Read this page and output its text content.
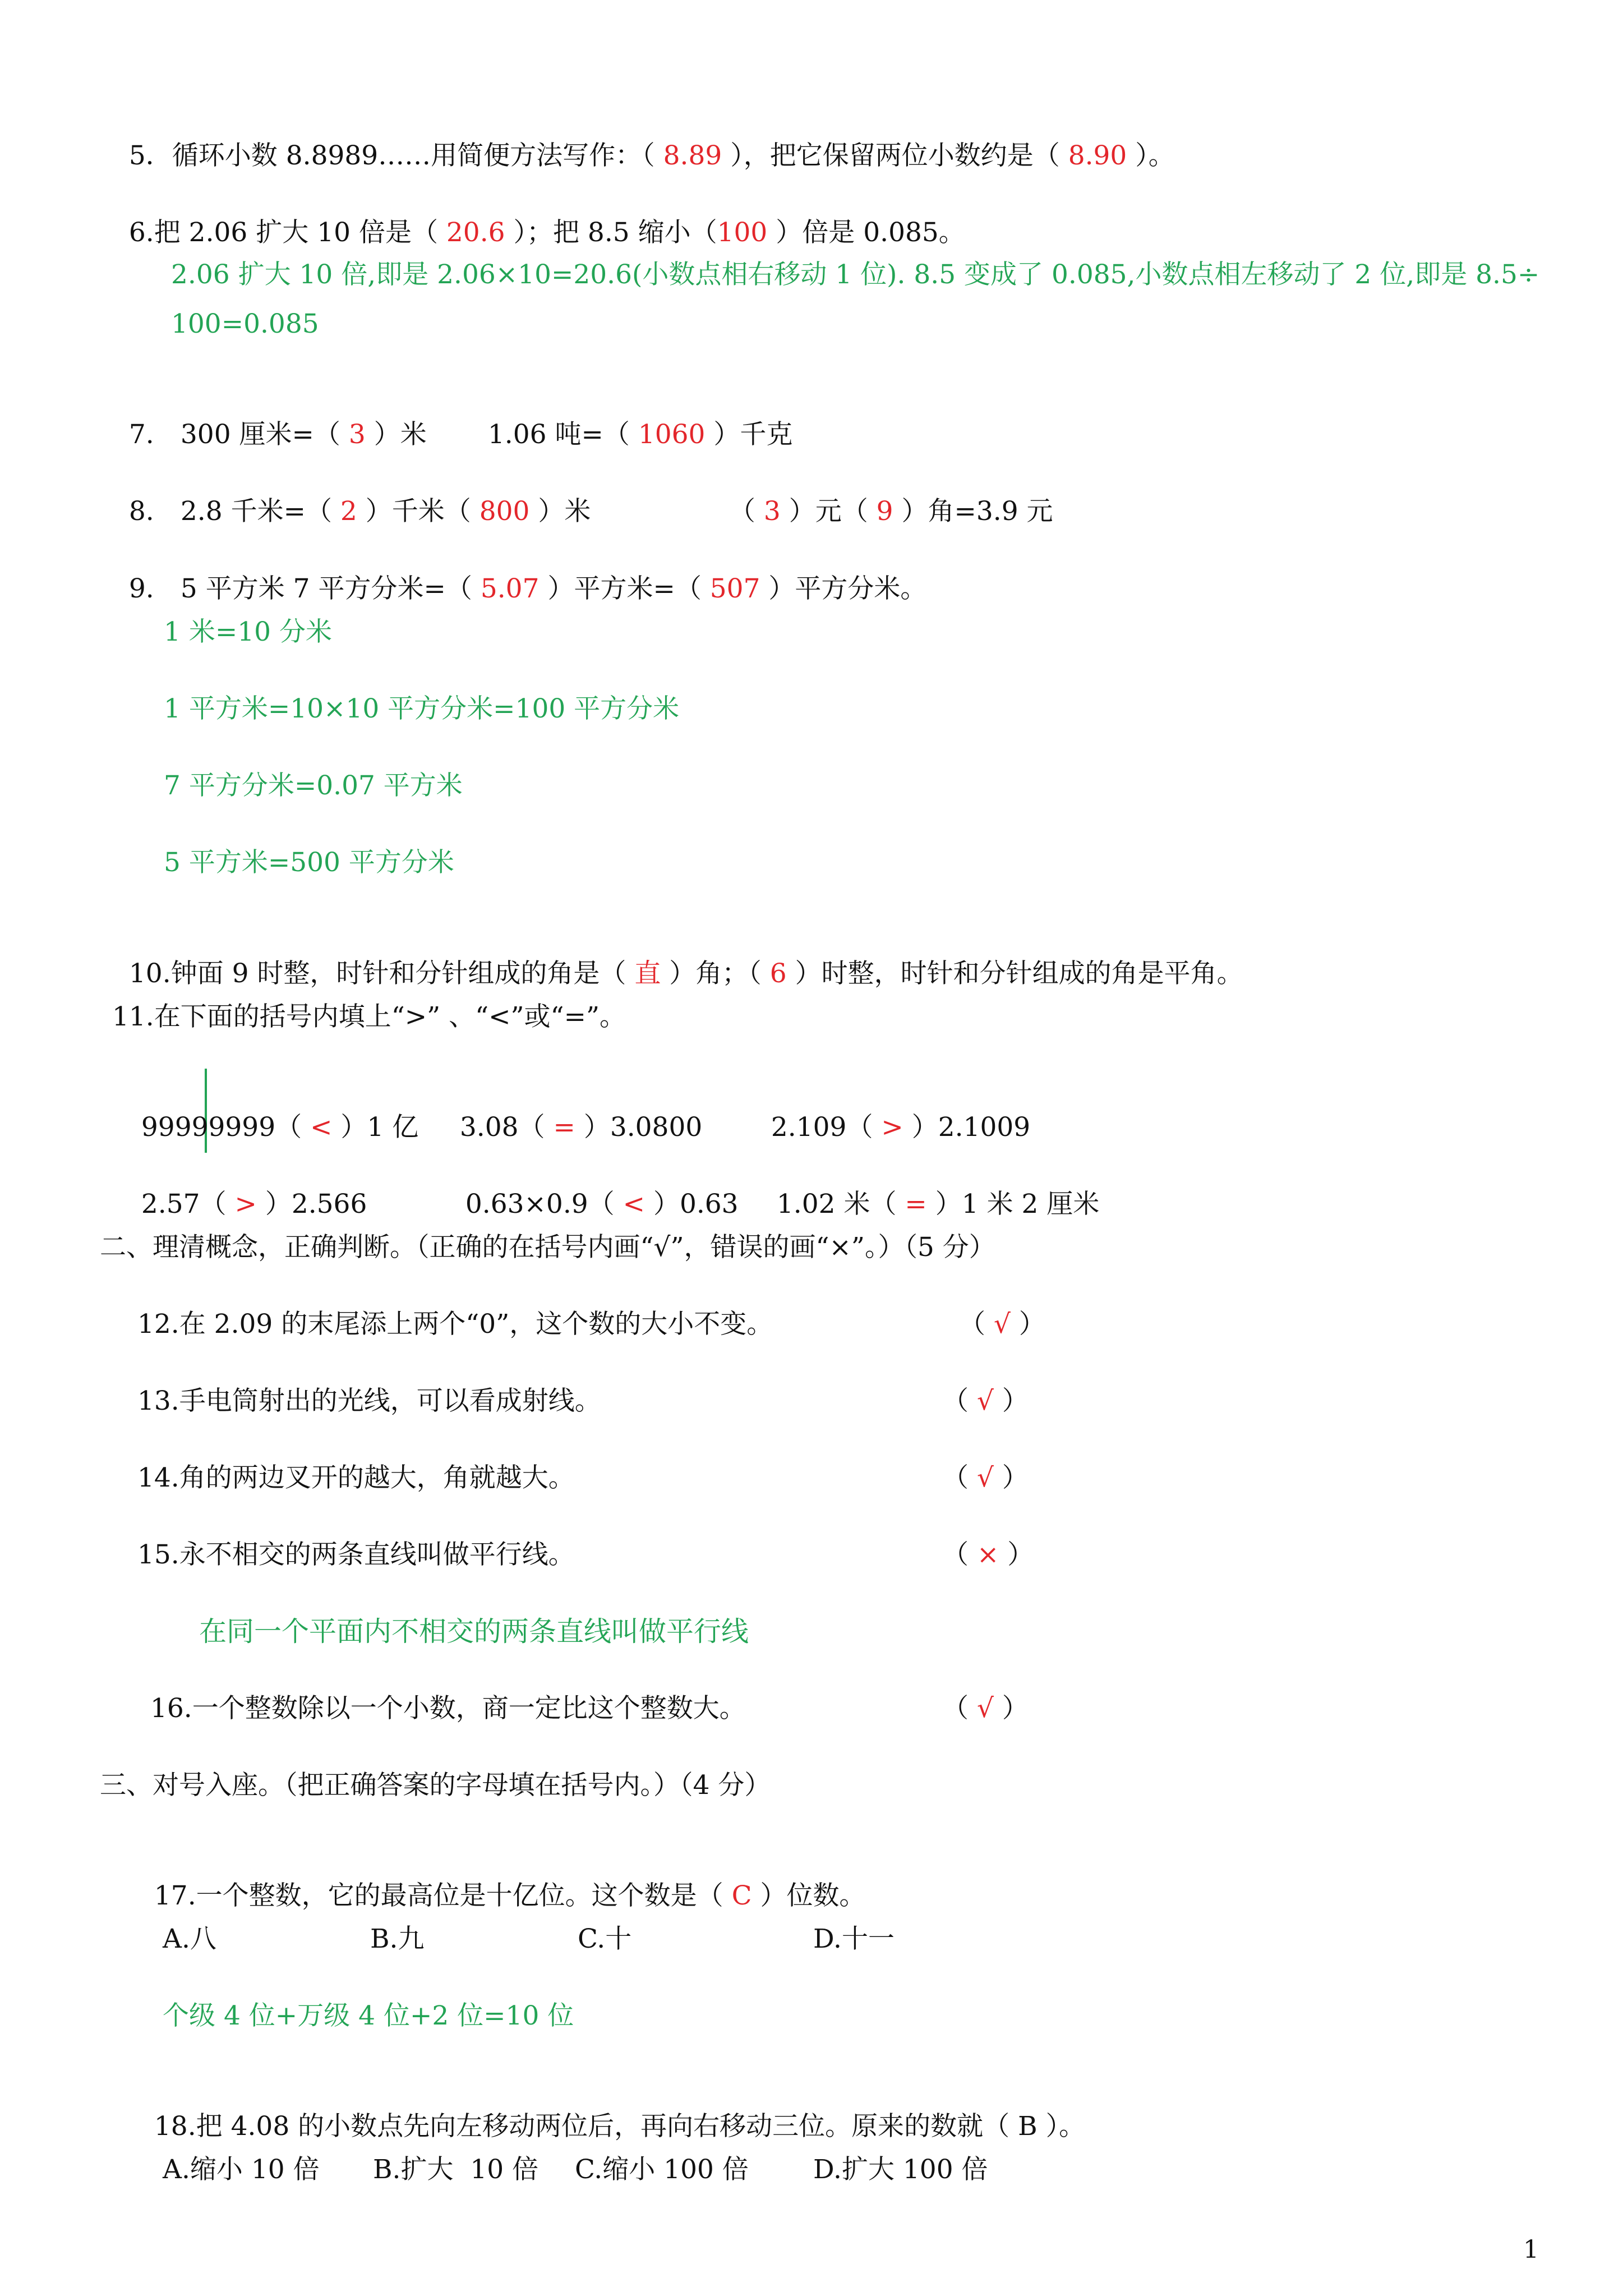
5．循环小数 8.8989……用简便方法写作：（ 8.89 ），把它保留两位小数约是（ 8.90 ）。

6.把 2.06 扩大 10 倍是（ 20.6 ）；把 8.5 缩小（100 ）倍是 0.085。

2.06 扩大 10 倍,即是 2.06×10=20.6(小数点相右移动 1 位). 8.5 变成了 0.085,小数点相左移动了 2 位,即是 8.5÷
100=0.085

7.	300 厘米=（ 3 ）米	1.06 吨=（ 1060 ）千克

8.	2.8 千米=（ 2 ）千米（ 800 ）米	（ 3 ）元（ 9 ）角=3.9 元

9.	5 平方米 7 平方分米=（ 5.07 ）平方米=（ 507 ）平方分米。

1 米=10 分米
1 平方米=10×10 平方分米=100 平方分米
7 平方分米=0.07 平方米
5 平方米=500 平方分米

10.钟面 9 时整，时针和分针组成的角是（ 直 ）角；（ 6 ）时整，时针和分针组成的角是平角。

11.在下面的括号内填上“>” 、“<”或“=”。

99999999（ < ）1 亿	3.08（ = ）3.0800	2.109（ > ）2.1009

2.57（ > ）2.566	0.63×0.9（ < ）0.63	1.02 米（ = ）1 米 2 厘米

二、理清概念，正确判断。（正确的在括号内画“√”，错误的画“×”。）（5 分）
12.在 2.09 的末尾添上两个“0”，这个数的大小不变。	（ √ ）
13.手电筒射出的光线，可以看成射线。	（ √ ）
14.角的两边叉开的越大，角就越大。	（ √ ）
15.永不相交的两条直线叫做平行线。	（ × ）
在同一个平面内不相交的两条直线叫做平行线
16.一个整数除以一个小数，商一定比这个整数大。	（ √ ）
三、对号入座。（把正确答案的字母填在括号内。）（4 分）

17.一个整数，它的最高位是十亿位。这个数是（ C ）位数。

A.八	B.九	C.十	D.十一
个级 4 位+万级 4 位+2 位=10 位

18.把 4.08 的小数点先向左移动两位后，再向右移动三位。原来的数就（ B ）。

A.缩小 10 倍 B.扩大  10 倍 C.缩小 100 倍 D.扩大 100 倍
1
